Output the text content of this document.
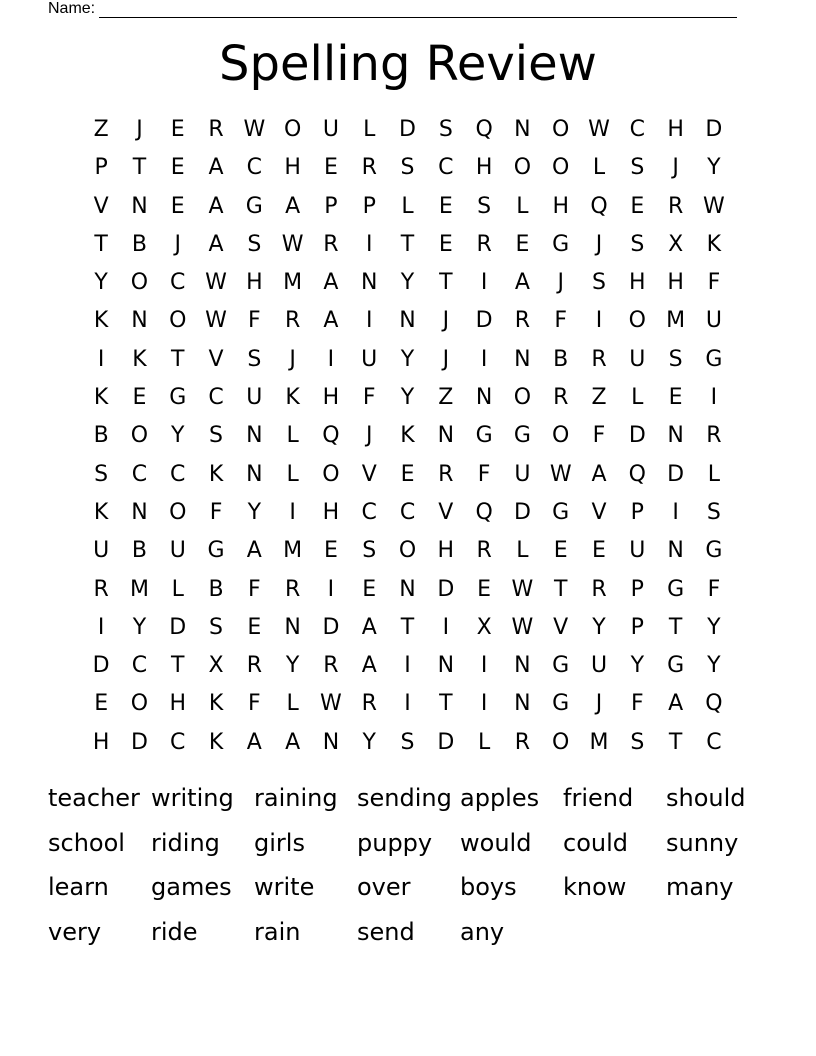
Name:
Spelling Review
Z	J	E	R W O U	L	D	S	Q N O W C	H D
P	T	E	A	C	H	E	R	S	C	H O O	L	S	J	Y
V	N	E	A	G	A	P	P	L	E	S	L	H Q	E	R W
T	B	J	A	S W R	I	T	E	R	E	G	J	S	X	K
Y	O C W H M A	N	Y	T	I	A	J	S	H H	F
K	N O W F	R	A	I	N	J	D	R	F	I	O M U
I	K	T	V	S	J	I	U	Y	J	I	N	B	R	U	S	G
K	E	G	C	U	K	H	F	Y	Z	N O R	Z	L	E	I
B	O	Y	S	N	L	Q	J	K	N G G O	F	D N	R
S	C	C	K	N	L	O	V	E	R	F	U W A	Q D	L
K	N O	F	Y	I	H	C	C	V	Q D G	V	P	I	S
U	B	U G	A M E	S	O H	R	L	E	E	U	N G
R M	L	B	F	R	I	E	N D	E W T	R	P	G	F
I	Y	D	S	E	N D	A	T	I	X W V	Y	P	T	Y
D	C	T	X	R	Y	R	A	I	N	I	N G U	Y	G	Y
E	O H	K	F	L W R	I	T	I	N G	J	F	A	Q
H D	C	K	A	A	N	Y	S	D	L	R O M S	T	C
teacher writing raining sending apples friend	should
school	riding	girls	puppy	would	could	sunny
learn	games write	over	boys	know	many
very	ride	rain	send	any
